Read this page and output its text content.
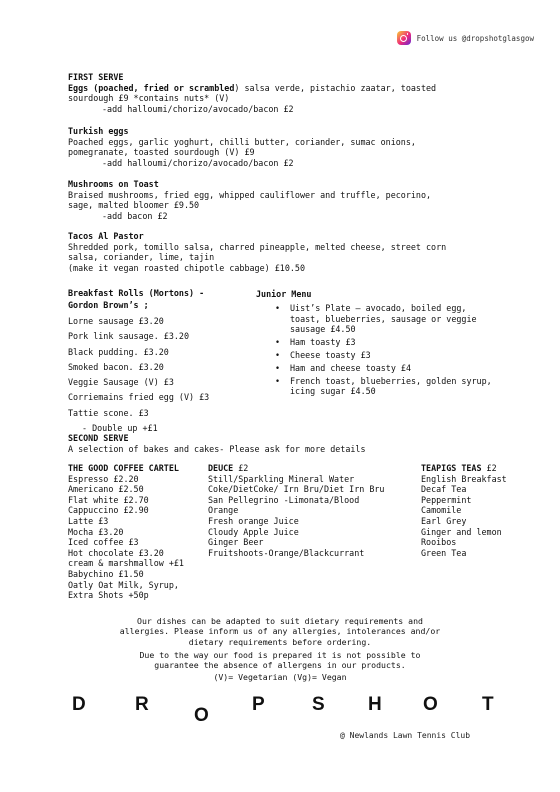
Follow us @dropshotglasgow
FIRST SERVE
Eggs (poached, fried or scrambled) salsa verde, pistachio zaatar, toasted
sourdough £9 *contains nuts* (V)
-add halloumi/chorizo/avocado/bacon £2
Turkish eggs
Poached eggs, garlic yoghurt, chilli butter, coriander, sumac onions,
pomegranate, toasted sourdough (V) £9
-add halloumi/chorizo/avocado/bacon £2
Mushrooms on Toast
Braised mushrooms, fried egg, whipped cauliflower and truffle, pecorino,
sage, malted bloomer £9.50
-add bacon £2
Tacos Al Pastor
Shredded pork, tomillo salsa, charred pineapple, melted cheese, street corn
salsa, coriander, lime, tajin
(make it vegan roasted chipotle cabbage) £10.50
Breakfast Rolls (Mortons) -
Gordon Brown’s ;
Lorne sausage £3.20
Pork link sausage. £3.20
Black pudding. £3.20
Smoked bacon. £3.20
Veggie Sausage (V) £3
Corriemains fried egg (V) £3
Tattie scone. £3
- Double up +£1
Junior Menu
• Uist’s Plate – avocado, boiled egg, toast, blueberries, sausage or veggie sausage £4.50
• Ham toasty £3
• Cheese toasty £3
• Ham and cheese toasty £4
• French toast, blueberries, golden syrup, icing sugar £4.50
SECOND SERVE
A selection of bakes and cakes- Please ask for more details
THE GOOD COFFEE CARTEL
Espresso £2.20
Americano £2.50
Flat white £2.70
Cappuccino £2.90
Latte £3
Mocha £3.20
Iced coffee £3
Hot chocolate £3.20
cream & marshmallow +£1
Babychino £1.50
Oatly Oat Milk, Syrup,
Extra Shots +50p
DEUCE £2
Still/Sparkling Mineral Water
Coke/DietCoke/ Irn Bru/Diet Irn Bru
San Pellegrino -Limonata/Blood
Orange
Fresh orange Juice
Cloudy Apple Juice
Ginger Beer
Fruitshoots-Orange/Blackcurrant
TEAPIGS TEAS £2
English Breakfast
Decaf Tea
Peppermint
Camomile
Earl Grey
Ginger and lemon
Rooibos
Green Tea
Our dishes can be adapted to suit dietary requirements and
allergies. Please inform us of any allergies, intolerances and/or
dietary requirements before ordering.
Due to the way our food is prepared it is not possible to
guarantee the absence of allergens in our products.
(V)= Vegetarian (Vg)= Vegan
D	R
O
P S H O T
@ Newlands Lawn Tennis Club
